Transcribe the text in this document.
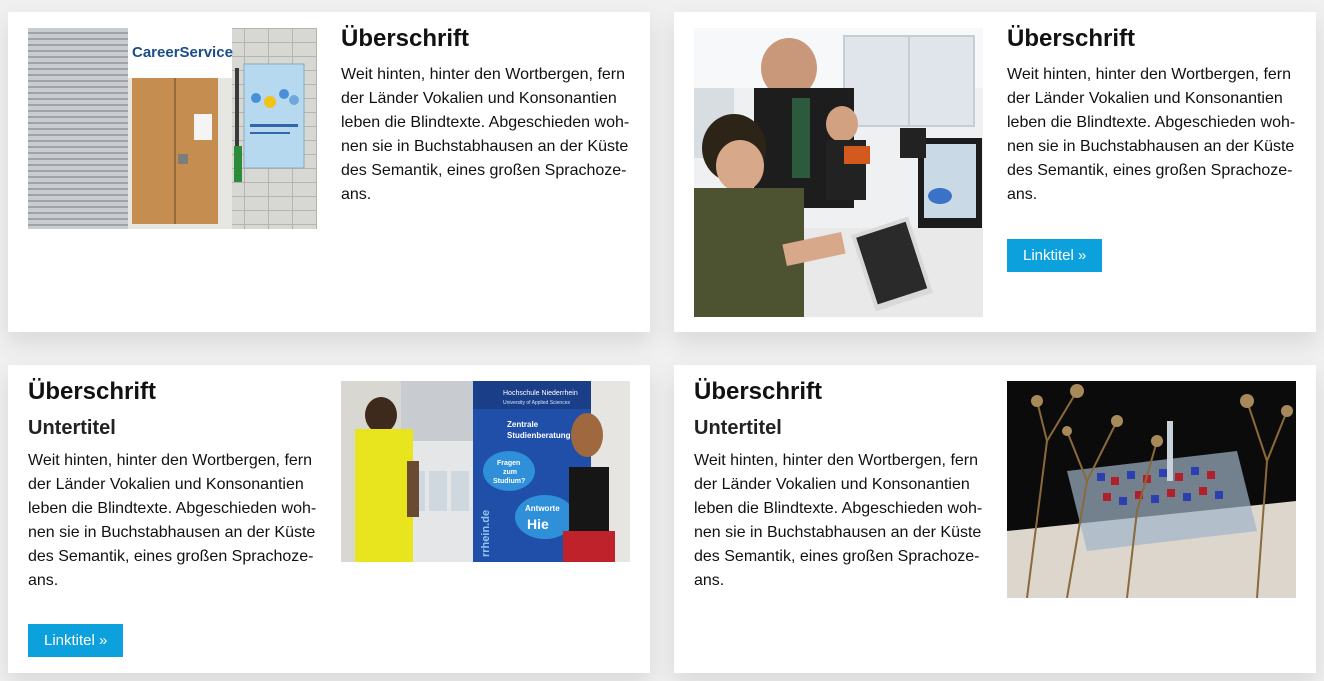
CareerService
Überschrift
Weit hinten, hinter den Wortbergen, fern
der Länder Vokalien und Konsonantien
leben die Blindtexte. Abgeschieden woh-
nen sie in Buchstabhausen an der Küste
des Semantik, eines großen Sprachoze-
ans.
Überschrift
Weit hinten, hinter den Wortbergen, fern
der Länder Vokalien und Konsonantien
leben die Blindtexte. Abgeschieden woh-
nen sie in Buchstabhausen an der Küste
des Semantik, eines großen Sprachoze-
ans.
Linktitel »
Überschrift
Untertitel
Weit hinten, hinter den Wortbergen, fern
der Länder Vokalien und Konsonantien
leben die Blindtexte. Abgeschieden woh-
nen sie in Buchstabhausen an der Küste
des Semantik, eines großen Sprachoze-
ans.
Linktitel »
Hochschule Niederrhein
University of Applied Sciences
Zentrale
Studienberatung
Fragen
zum
Studium?
Antworte
Hie
rrhein.de
Überschrift
Untertitel
Weit hinten, hinter den Wortbergen, fern
der Länder Vokalien und Konsonantien
leben die Blindtexte. Abgeschieden woh-
nen sie in Buchstabhausen an der Küste
des Semantik, eines großen Sprachoze-
ans.
